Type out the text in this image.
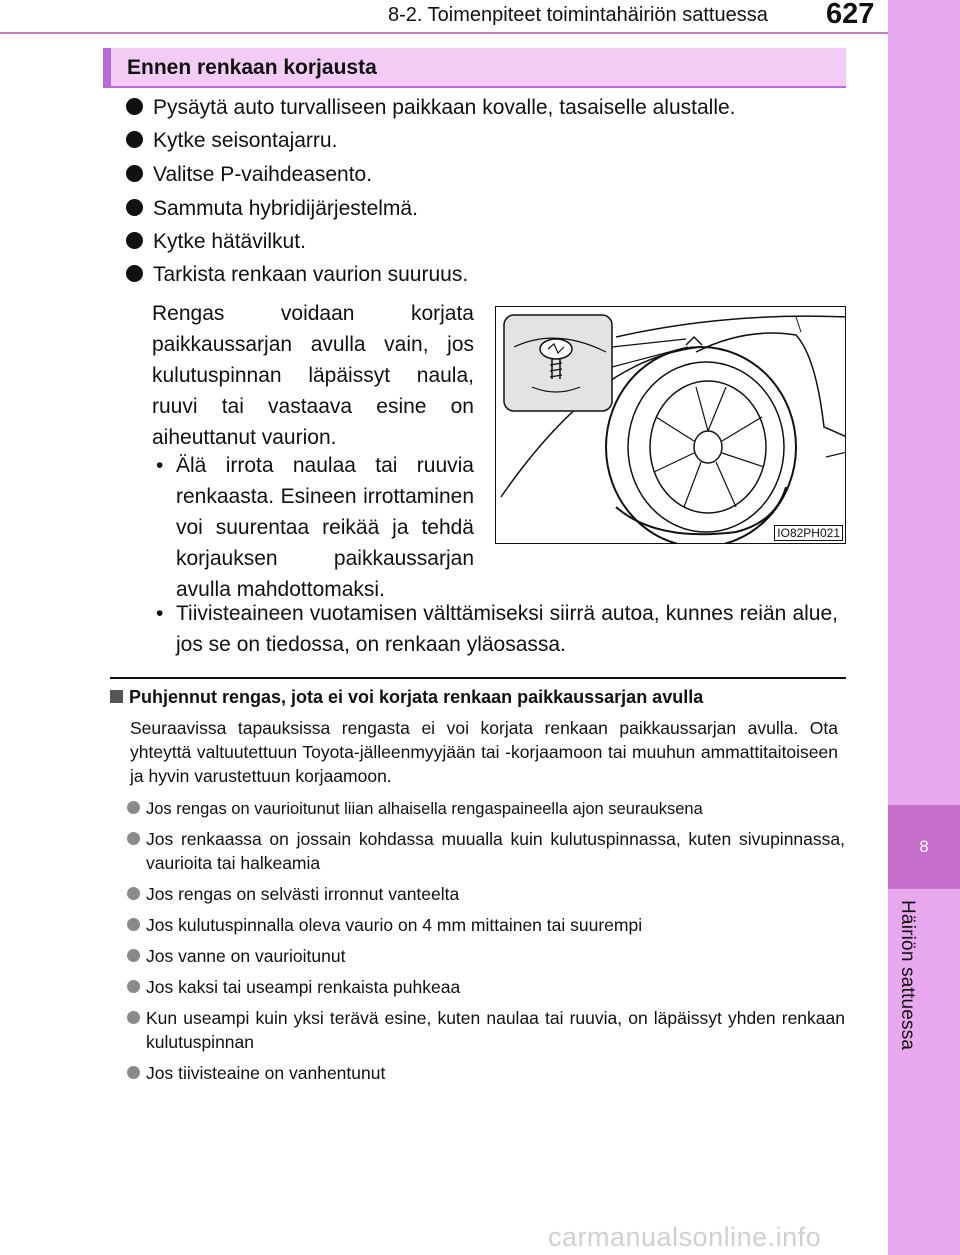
8-2. Toimenpiteet toimintahäiriön sattuessa 627
8
Häiriön sattuessa
Ennen renkaan korjausta
Pysäytä auto turvalliseen paikkaan kovalle, tasaiselle alustalle.
Kytke seisontajarru.
Valitse P-vaihdeasento.
Sammuta hybridijärjestelmä.
Kytke hätävilkut.
Tarkista renkaan vaurion suuruus.
Rengas voidaan korjata paikkaussarjan avulla vain, jos kulutuspinnan läpäissyt naula, ruuvi tai vastaava esine on aiheuttanut vaurion.
• Älä irrota naulaa tai ruuvia renkaasta. Esineen irrottaminen voi suurentaa reikää ja tehdä korjauksen paikkaussarjan avulla mahdottomaksi.
• Tiivisteaineen vuotamisen välttämiseksi siirrä autoa, kunnes reiän alue, jos se on tiedossa, on renkaan yläosassa.
IO82PH021
Puhjennut rengas, jota ei voi korjata renkaan paikkaussarjan avulla
Seuraavissa tapauksissa rengasta ei voi korjata renkaan paikkaussarjan avulla. Ota yhteyttä valtuutettuun Toyota-jälleenmyyjään tai -korjaamoon tai muuhun ammattitaitoiseen ja hyvin varustettuun korjaamoon.
Jos rengas on vaurioitunut liian alhaisella rengaspaineella ajon seurauksena
Jos renkaassa on jossain kohdassa muualla kuin kulutuspinnassa, kuten sivupinnassa, vaurioita tai halkeamia
Jos rengas on selvästi irronnut vanteelta
Jos kulutuspinnalla oleva vaurio on 4 mm mittainen tai suurempi
Jos vanne on vaurioitunut
Jos kaksi tai useampi renkaista puhkeaa
Kun useampi kuin yksi terävä esine, kuten naulaa tai ruuvia, on läpäissyt yhden renkaan kulutuspinnan
Jos tiivisteaine on vanhentunut
carmanualsonline.info
